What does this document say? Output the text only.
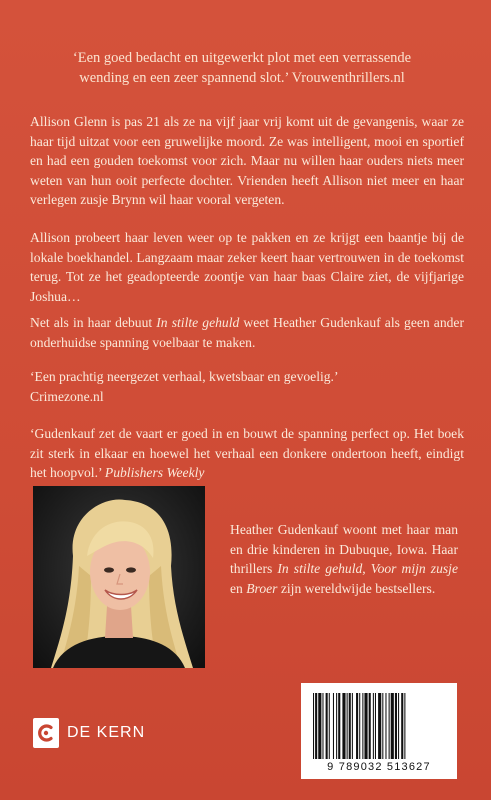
‘Een goed bedacht en uitgewerkt plot met een verrassende wending en een zeer spannend slot.’ Vrouwenthrillers.nl
Allison Glenn is pas 21 als ze na vijf jaar vrij komt uit de gevangenis, waar ze haar tijd uitzat voor een gruwelijke moord. Ze was intelligent, mooi en sportief en had een gouden toekomst voor zich. Maar nu willen haar ouders niets meer weten van hun ooit perfecte dochter. Vrienden heeft Allison niet meer en haar verlegen zusje Brynn wil haar vooral vergeten.
Allison probeert haar leven weer op te pakken en ze krijgt een baantje bij de lokale boekhandel. Langzaam maar zeker keert haar vertrouwen in de toekomst terug. Tot ze het geadopteerde zoontje van haar baas Claire ziet, de vijfjarige Joshua…
Net als in haar debuut In stilte gehuld weet Heather Gudenkauf als geen ander onderhuidse spanning voelbaar te maken.
‘Een prachtig neergezet verhaal, kwetsbaar en gevoelig.’
Crimezone.nl
‘Gudenkauf zet de vaart er goed in en bouwt de spanning perfect op. Het boek zit sterk in elkaar en hoewel het verhaal een donkere ondertoon heeft, eindigt het hoopvol.’ Publishers Weekly
Heather Gudenkauf woont met haar man en drie kinderen in Dubuque, Iowa. Haar thrillers In stilte gehuld, Voor mijn zusje en Broer zijn wereldwijde bestsellers.
DE KERN
9 789032 513627
